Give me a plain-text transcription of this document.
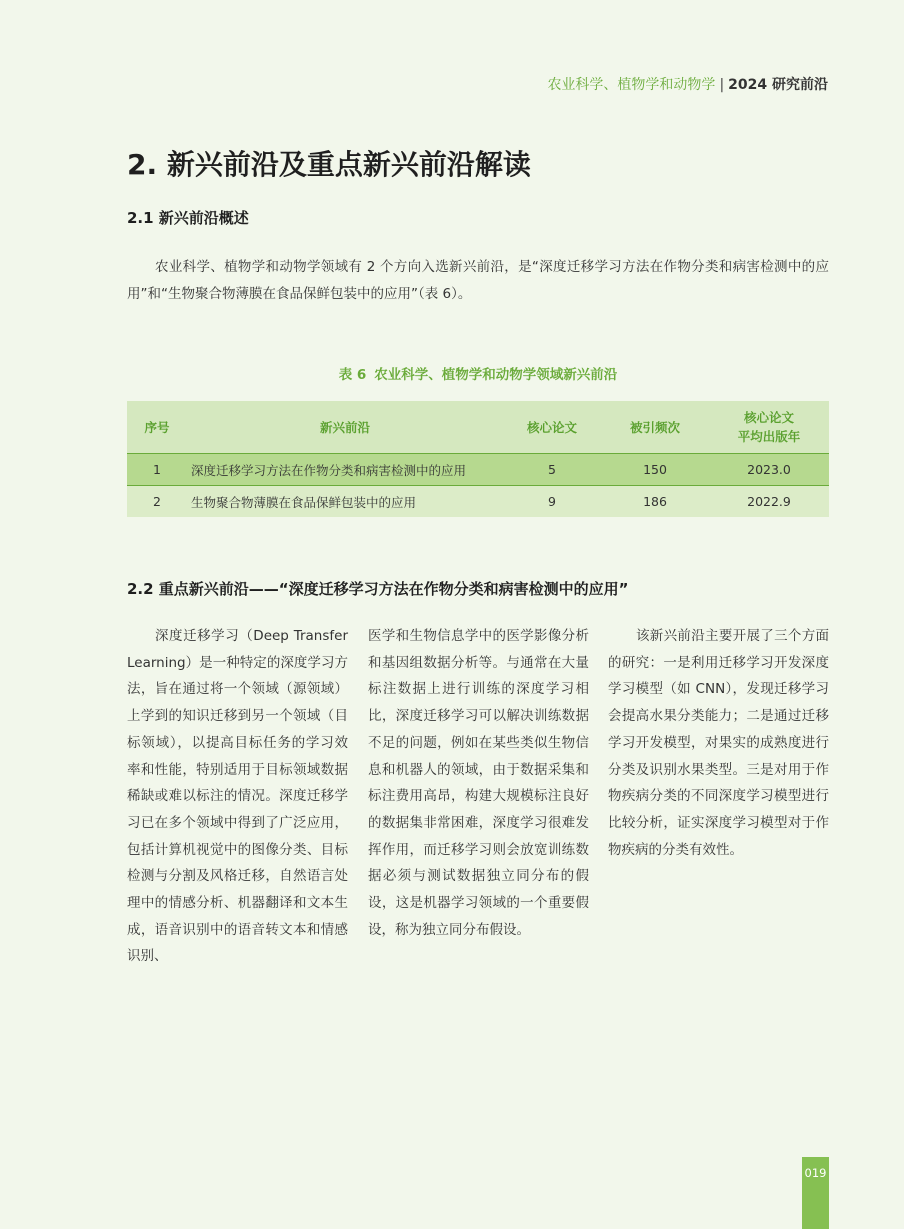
农业科学、植物学和动物学 | 2024 研究前沿
2. 新兴前沿及重点新兴前沿解读
2.1 新兴前沿概述

农业科学、植物学和动物学领域有 2 个方向入选新兴前沿，是“深度迁移学习方法在作物分类和病害检测中的应用”和“生物聚合物薄膜在食品保鲜包装中的应用”（表 6）。

表 6 农业科学、植物学和动物学领域新兴前沿
序号	新兴前沿	核心论文	被引频次	核心论文
平均出版年
1	深度迁移学习方法在作物分类和病害检测中的应用	5	150	2023.0
2	生物聚合物薄膜在食品保鲜包装中的应用	9	186	2022.9
2.2 重点新兴前沿——“深度迁移学习方法在作物分类和病害检测中的应用”

深度迁移学习（Deep Transfer Learning）是一种特定的深度学习方法，旨在通过将一个领域（源领域）上学到的知识迁移到另一个领域（目标领域），以提高目标任务的学习效率和性能，特别适用于目标领域数据稀缺或难以标注的情况。深度迁移学习已在多个领域中得到了广泛应用，包括计算机视觉中的图像分类、目标检测与分割及风格迁移，自然语言处理中的情感分析、机器翻译和文本生成，语音识别中的语音转文本和情感识别、

医学和生物信息学中的医学影像分析和基因组数据分析等。与通常在大量标注数据上进行训练的深度学习相比，深度迁移学习可以解决训练数据不足的问题，例如在某些类似生物信息和机器人的领域，由于数据采集和标注费用高昂，构建大规模标注良好的数据集非常困难，深度学习很难发挥作用，而迁移学习则会放宽训练数据必须与测试数据独立同分布的假设，这是机器学习领域的一个重要假设，称为独立同分布假设。

该新兴前沿主要开展了三个方面的研究：一是利用迁移学习开发深度学习模型（如 CNN），发现迁移学习会提高水果分类能力；二是通过迁移学习开发模型，对果实的成熟度进行分类及识别水果类型。三是对用于作物疾病分类的不同深度学习模型进行比较分析，证实深度学习模型对于作物疾病的分类有效性。

019
